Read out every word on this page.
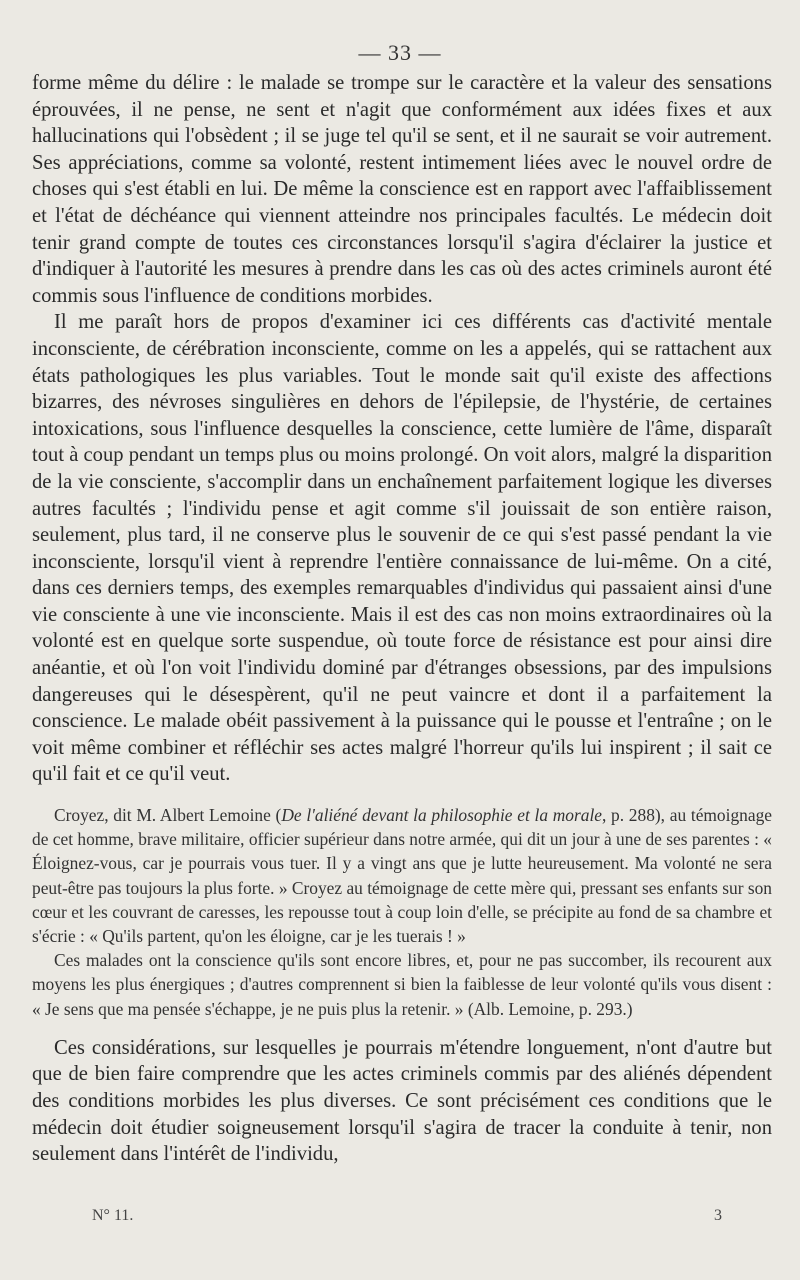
— 33 —

forme même du délire : le malade se trompe sur le caractère et la valeur des sensations éprouvées, il ne pense, ne sent et n'agit que conformément aux idées fixes et aux hallucinations qui l'obsèdent ; il se juge tel qu'il se sent, et il ne saurait se voir autrement. Ses appréciations, comme sa volonté, restent intimement liées avec le nouvel ordre de choses qui s'est établi en lui. De même la conscience est en rapport avec l'affaiblissement et l'état de déchéance qui viennent atteindre nos principales facultés. Le médecin doit tenir grand compte de toutes ces circonstances lorsqu'il s'agira d'éclairer la justice et d'indiquer à l'autorité les mesures à prendre dans les cas où des actes criminels auront été commis sous l'influence de conditions morbides.

Il me paraît hors de propos d'examiner ici ces différents cas d'activité mentale inconsciente, de cérébration inconsciente, comme on les a appelés, qui se rattachent aux états pathologiques les plus variables. Tout le monde sait qu'il existe des affections bizarres, des névroses singulières en dehors de l'épilepsie, de l'hystérie, de certaines intoxications, sous l'influence desquelles la conscience, cette lumière de l'âme, disparaît tout à coup pendant un temps plus ou moins prolongé. On voit alors, malgré la disparition de la vie consciente, s'accomplir dans un enchaînement parfaitement logique les diverses autres facultés ; l'individu pense et agit comme s'il jouissait de son entière raison, seulement, plus tard, il ne conserve plus le souvenir de ce qui s'est passé pendant la vie inconsciente, lorsqu'il vient à reprendre l'entière connaissance de lui-même. On a cité, dans ces derniers temps, des exemples remarquables d'individus qui passaient ainsi d'une vie consciente à une vie inconsciente. Mais il est des cas non moins extraordinaires où la volonté est en quelque sorte suspendue, où toute force de résistance est pour ainsi dire anéantie, et où l'on voit l'individu dominé par d'étranges obsessions, par des impulsions dangereuses qui le désespèrent, qu'il ne peut vaincre et dont il a parfaitement la conscience. Le malade obéit passivement à la puissance qui le pousse et l'entraîne ; on le voit même combiner et réfléchir ses actes malgré l'horreur qu'ils lui inspirent ; il sait ce qu'il fait et ce qu'il veut.

Croyez, dit M. Albert Lemoine (De l'aliéné devant la philosophie et la morale, p. 288), au témoignage de cet homme, brave militaire, officier supérieur dans notre armée, qui dit un jour à une de ses parentes : « Éloignez-vous, car je pourrais vous tuer. Il y a vingt ans que je lutte heureusement. Ma volonté ne sera peut-être pas toujours la plus forte. » Croyez au témoignage de cette mère qui, pressant ses enfants sur son cœur et les couvrant de caresses, les repousse tout à coup loin d'elle, se précipite au fond de sa chambre et s'écrie : « Qu'ils partent, qu'on les éloigne, car je les tuerais ! »

Ces malades ont la conscience qu'ils sont encore libres, et, pour ne pas succomber, ils recourent aux moyens les plus énergiques ; d'autres comprennent si bien la faiblesse de leur volonté qu'ils vous disent : « Je sens que ma pensée s'échappe, je ne puis plus la retenir. » (Alb. Lemoine, p. 293.)

Ces considérations, sur lesquelles je pourrais m'étendre longuement, n'ont d'autre but que de bien faire comprendre que les actes criminels commis par des aliénés dépendent des conditions morbides les plus diverses. Ce sont précisément ces conditions que le médecin doit étudier soigneusement lorsqu'il s'agira de tracer la conduite à tenir, non seulement dans l'intérêt de l'individu,

N° 11.	3
